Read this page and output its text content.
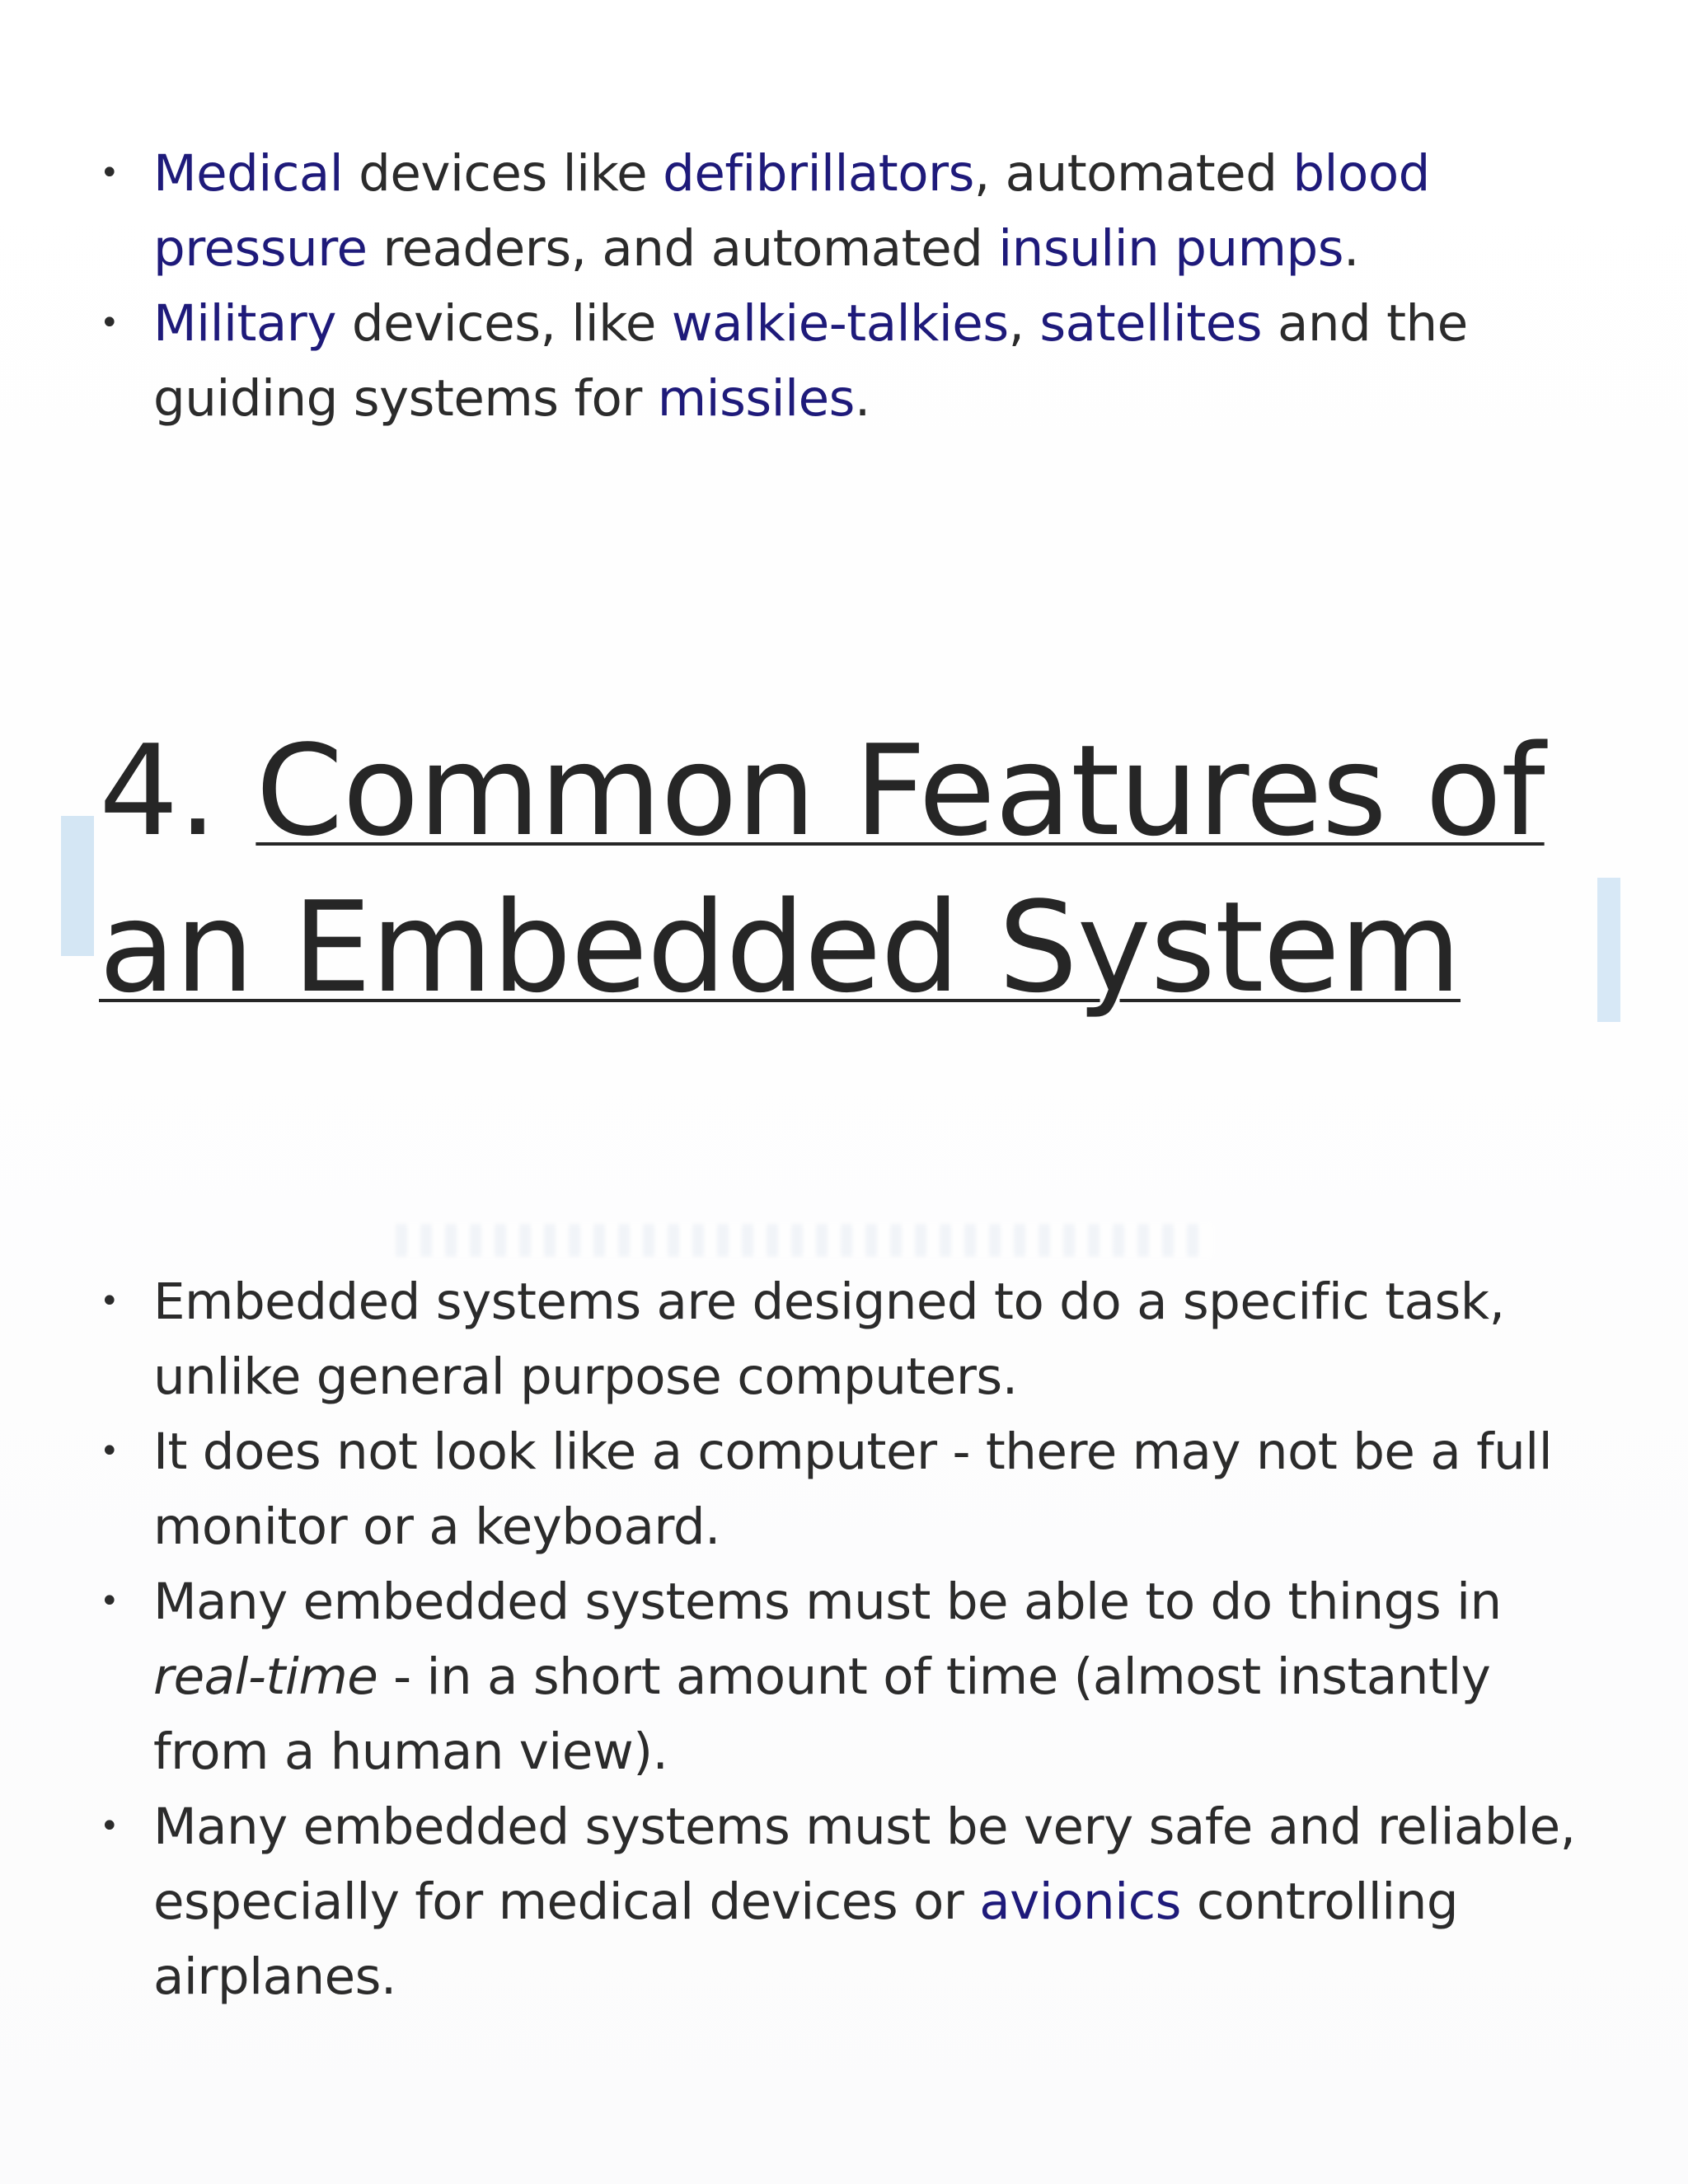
• Medical devices like defibrillators, automated blood pressure readers, and automated insulin pumps.
• Military devices, like walkie-talkies, satellites and the guiding systems for missiles.
4. Common Features of an Embedded System
• Embedded systems are designed to do a specific task, unlike general purpose computers.
• It does not look like a computer - there may not be a full monitor or a keyboard.
• Many embedded systems must be able to do things in real-time - in a short amount of time (almost instantly from a human view).
• Many embedded systems must be very safe and reliable, especially for medical devices or avionics controlling airplanes.
